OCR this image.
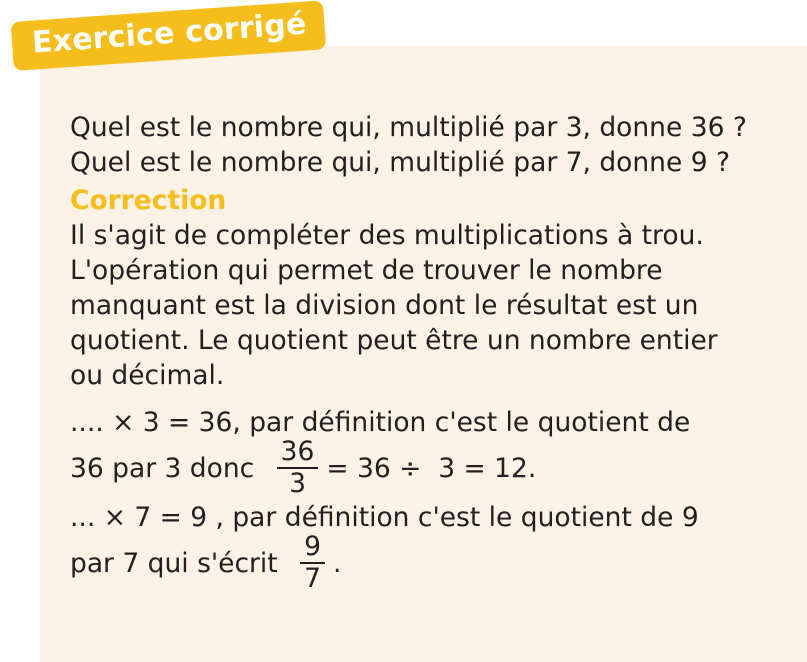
Exercice corrigé
Quel est le nombre qui, multiplié par 3, donne 36 ?
Quel est le nombre qui, multiplié par 7, donne 9 ?
Correction
Il s'agit de compléter des multiplications à trou.
L'opération qui permet de trouver le nombre
manquant est la division dont le résultat est un
quotient. Le quotient peut être un nombre entier
ou décimal.
.... × 3 = 36, par définition c'est le quotient de
36 par 3 donc $\frac{36}{3} = 36 \div 3 = 12$.
... × 7 = 9 , par définition c'est le quotient de 9
par 7 qui s'écrit $\frac{9}{7}$ .
